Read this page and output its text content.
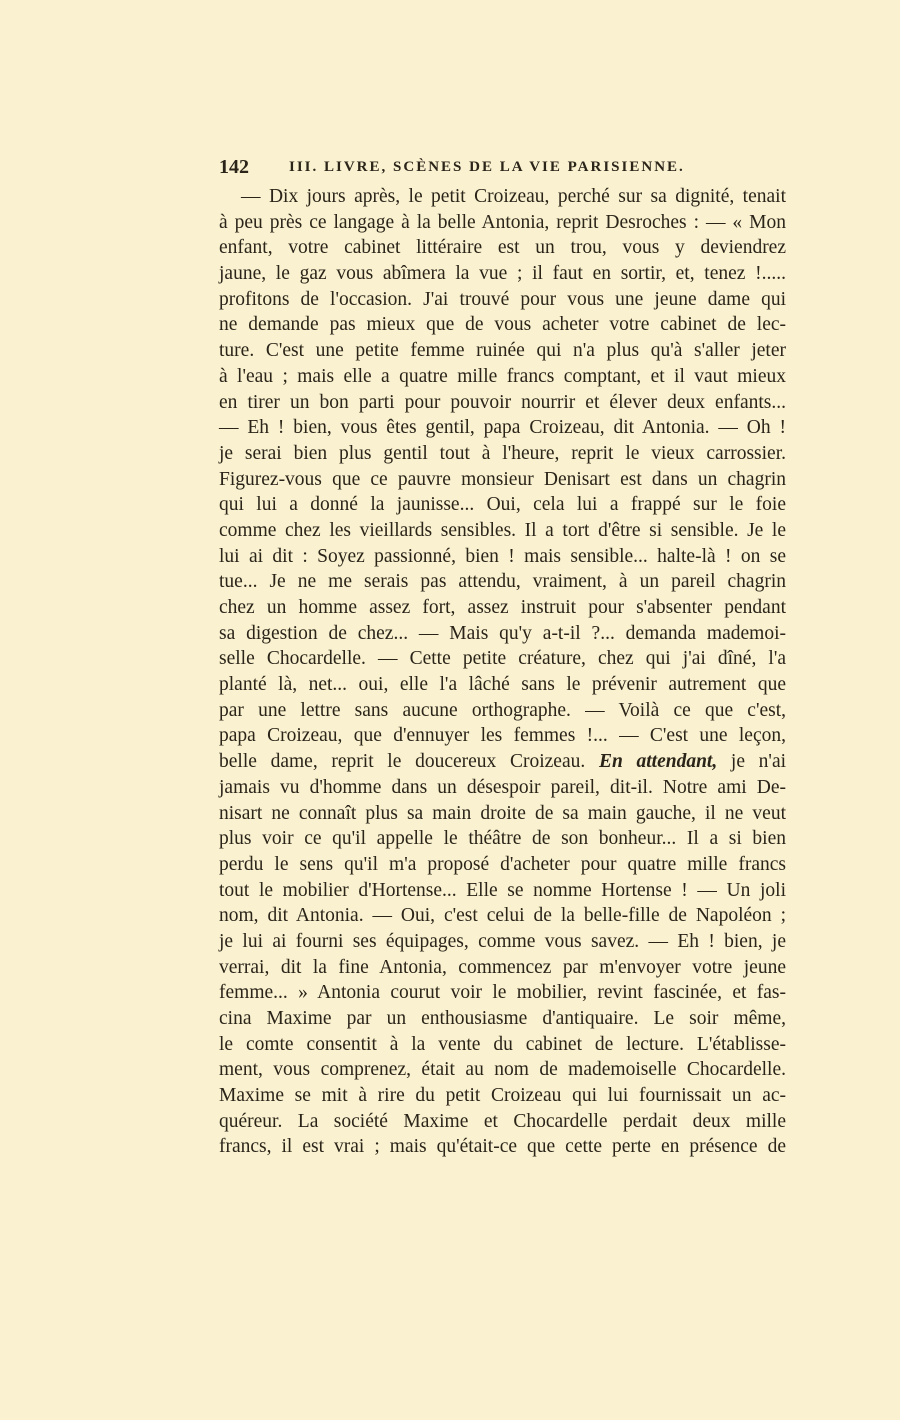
142	III. LIVRE, SCÈNES DE LA VIE PARISIENNE.
— Dix jours après, le petit Croizeau, perché sur sa dignité, tenait
à peu près ce langage à la belle Antonia, reprit Desroches : — « Mon
enfant, votre cabinet littéraire est un trou, vous y deviendrez
jaune, le gaz vous abîmera la vue ; il faut en sortir, et, tenez !.....
profitons de l'occasion. J'ai trouvé pour vous une jeune dame qui
ne demande pas mieux que de vous acheter votre cabinet de lec-
ture. C'est une petite femme ruinée qui n'a plus qu'à s'aller jeter
à l'eau ; mais elle a quatre mille francs comptant, et il vaut mieux
en tirer un bon parti pour pouvoir nourrir et élever deux enfants...
— Eh ! bien, vous êtes gentil, papa Croizeau, dit Antonia. — Oh !
je serai bien plus gentil tout à l'heure, reprit le vieux carrossier.
Figurez-vous que ce pauvre monsieur Denisart est dans un chagrin
qui lui a donné la jaunisse... Oui, cela lui a frappé sur le foie
comme chez les vieillards sensibles. Il a tort d'être si sensible. Je le
lui ai dit : Soyez passionné, bien ! mais sensible... halte-là ! on se
tue... Je ne me serais pas attendu, vraiment, à un pareil chagrin
chez un homme assez fort, assez instruit pour s'absenter pendant
sa digestion de chez... — Mais qu'y a-t-il ?... demanda mademoi-
selle Chocardelle. — Cette petite créature, chez qui j'ai dîné, l'a
planté là, net... oui, elle l'a lâché sans le prévenir autrement que
par une lettre sans aucune orthographe. — Voilà ce que c'est,
papa Croizeau, que d'ennuyer les femmes !... — C'est une leçon,
belle dame, reprit le doucereux Croizeau. En attendant, je n'ai
jamais vu d'homme dans un désespoir pareil, dit-il. Notre ami De-
nisart ne connaît plus sa main droite de sa main gauche, il ne veut
plus voir ce qu'il appelle le théâtre de son bonheur... Il a si bien
perdu le sens qu'il m'a proposé d'acheter pour quatre mille francs
tout le mobilier d'Hortense... Elle se nomme Hortense ! — Un joli
nom, dit Antonia. — Oui, c'est celui de la belle-fille de Napoléon ;
je lui ai fourni ses équipages, comme vous savez. — Eh ! bien, je
verrai, dit la fine Antonia, commencez par m'envoyer votre jeune
femme... » Antonia courut voir le mobilier, revint fascinée, et fas-
cina Maxime par un enthousiasme d'antiquaire. Le soir même,
le comte consentit à la vente du cabinet de lecture. L'établisse-
ment, vous comprenez, était au nom de mademoiselle Chocardelle.
Maxime se mit à rire du petit Croizeau qui lui fournissait un ac-
quéreur. La société Maxime et Chocardelle perdait deux mille
francs, il est vrai ; mais qu'était-ce que cette perte en présence de
